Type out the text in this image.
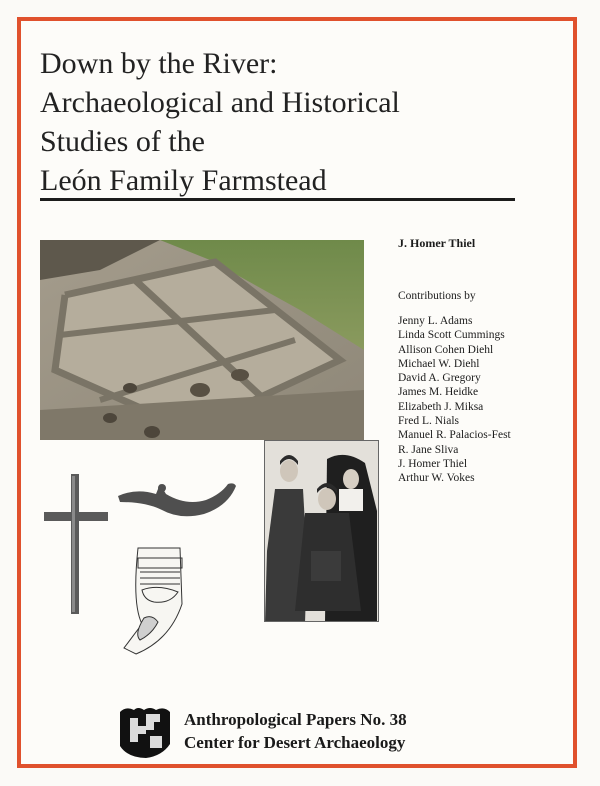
Down by the River:
Archaeological and Historical
Studies of the
León Family Farmstead
J. Homer Thiel
Contributions by
Jenny L. Adams
Linda Scott Cummings
Allison Cohen Diehl
Michael W. Diehl
David A. Gregory
James M. Heidke
Elizabeth J. Miksa
Fred L. Nials
Manuel R. Palacios-Fest
R. Jane Sliva
J. Homer Thiel
Arthur W. Vokes
Anthropological Papers No. 38
Center for Desert Archaeology
